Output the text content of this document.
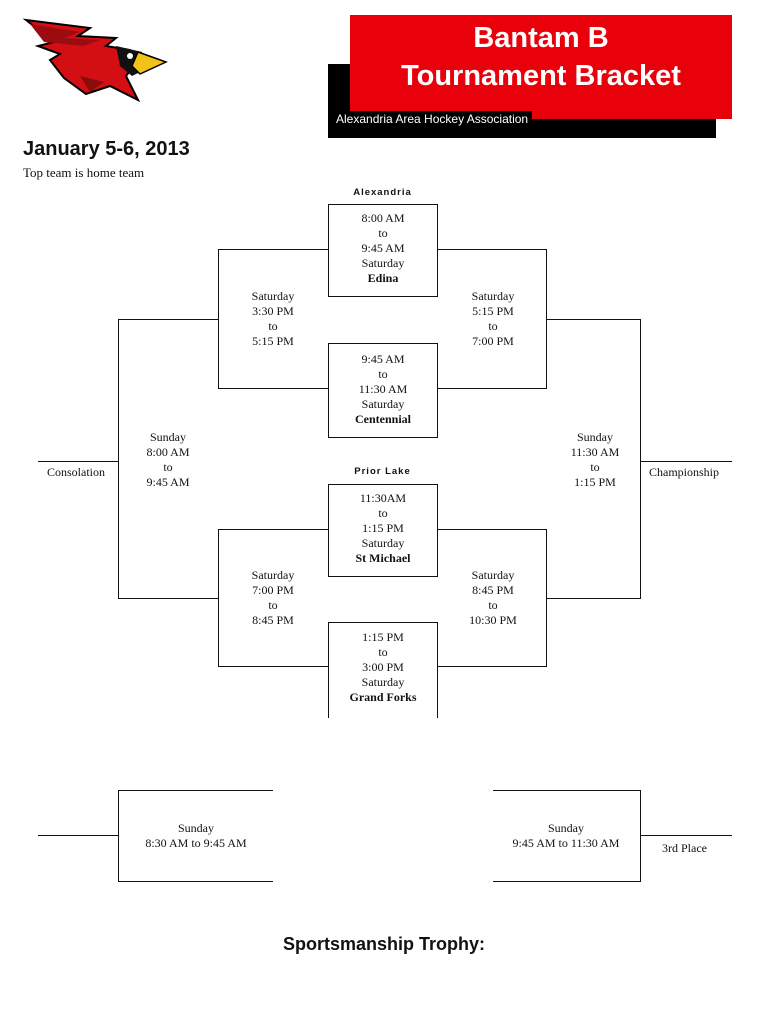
Bantam B
Tournament Bracket
Alexandria Area Hockey Association
January 5-6, 2013
Top team is home team
Alexandria
Prior Lake
8:00 AM
to
9:45 AM
Saturday
Edina
9:45 AM
to
11:30 AM
Saturday
Centennial
11:30AM
to
1:15 PM
Saturday
St Michael
1:15 PM
to
3:00 PM
Saturday
Grand Forks
Saturday
3:30 PM
to
5:15 PM
Saturday
5:15 PM
to
7:00 PM
Saturday
7:00 PM
to
8:45 PM
Saturday
8:45 PM
to
10:30 PM
Sunday
8:00 AM
to
9:45 AM
Sunday
11:30 AM
to
1:15 PM
Consolation	Championship
Sunday
8:30 AM to 9:45 AM
Sunday
9:45 AM to 11:30 AM	3rd Place
Sportsmanship Trophy:
